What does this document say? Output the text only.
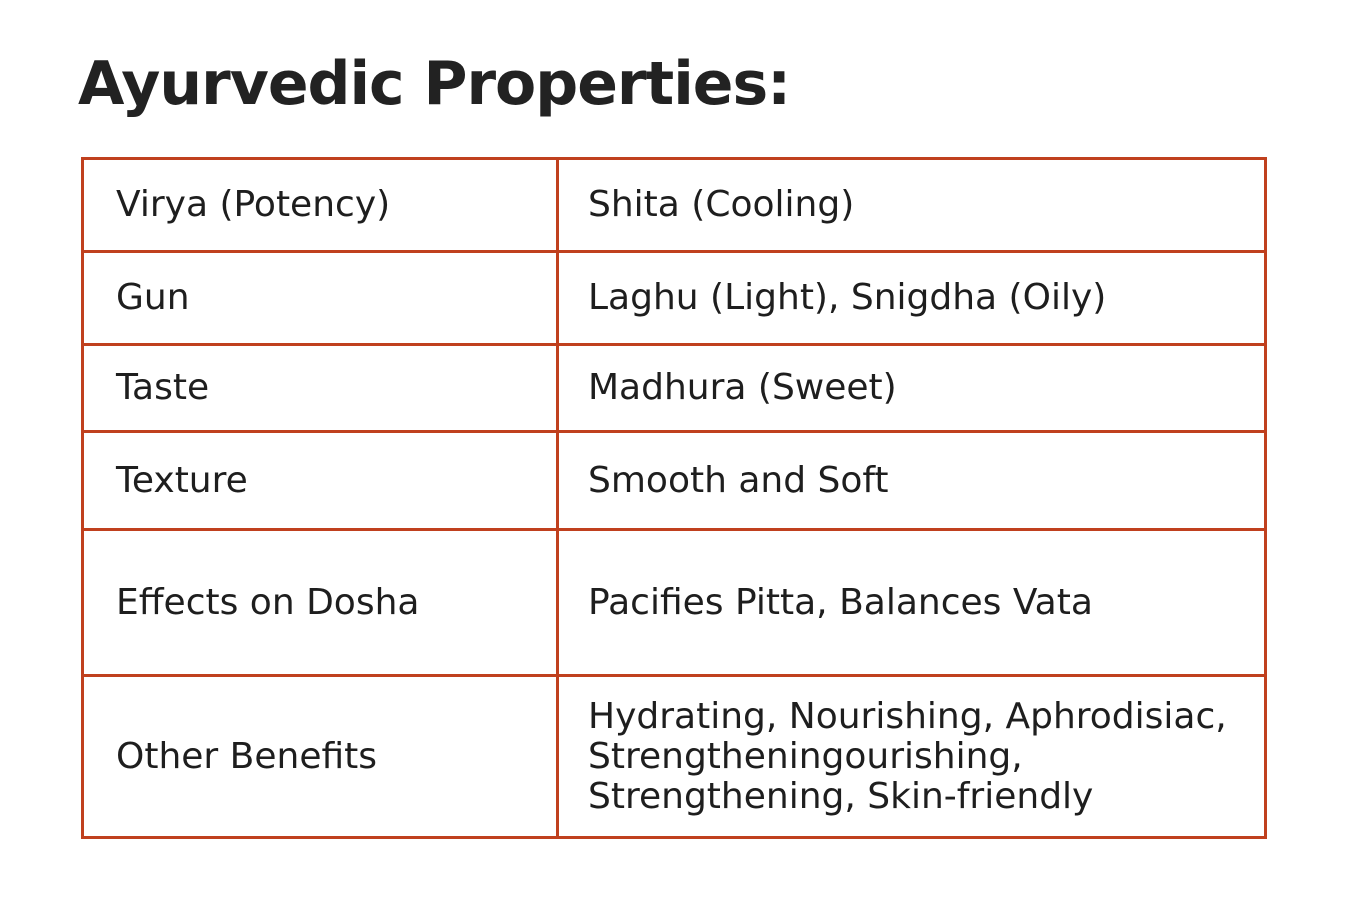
Ayurvedic Properties:
Virya (Potency)	Shita (Cooling)
Gun	Laghu (Light), Snigdha (Oily)
Taste	Madhura (Sweet)
Texture	Smooth and Soft
Effects on Dosha	Pacifies Pitta, Balances Vata
Other Benefits	Hydrating, Nourishing, Aphrodisiac,
Strengtheningourishing,
Strengthening, Skin-friendly
